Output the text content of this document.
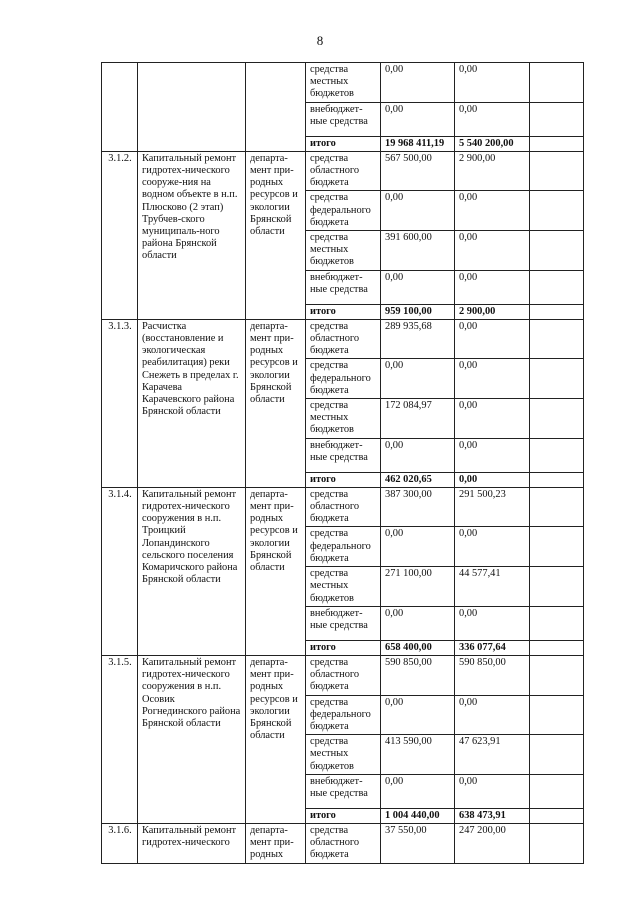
8
			средства местных бюджетов	0,00	0,00	
			внебюджет-ные средства	0,00	0,00	
			итого	19 968 411,19	5 540 200,00	
3.1.2.	Капитальный ремонт гидротех-нического сооруже-ния на водном объекте в н.п. Плюсково (2 этап) Трубчев-ского муниципаль-ного района Брянской области	департа-мент при-родных ресурсов и экологии Брянской области	средства областного бюджета	567 500,00	2 900,00	
			средства федерального бюджета	0,00	0,00	
			средства местных бюджетов	391 600,00	0,00	
			внебюджет-ные средства	0,00	0,00	
			итого	959 100,00	2 900,00	
3.1.3.	Расчистка (восстановление и экологическая реабилитация) реки Снежеть в пределах г. Карачева Карачевского района Брянской области	департа-мент при-родных ресурсов и экологии Брянской области	средства областного бюджета	289 935,68	0,00	
			средства федерального бюджета	0,00	0,00	
			средства местных бюджетов	172 084,97	0,00	
			внебюджет-ные средства	0,00	0,00	
			итого	462 020,65	0,00	
3.1.4.	Капитальный ремонт гидротех-нического сооружения в н.п. Троицкий Лопандинского сельского поселения Комаричского района Брянской области	департа-мент при-родных ресурсов и экологии Брянской области	средства областного бюджета	387 300,00	291 500,23	
			средства федерального бюджета	0,00	0,00	
			средства местных бюджетов	271 100,00	44 577,41	
			внебюджет-ные средства	0,00	0,00	
			итого	658 400,00	336 077,64	
3.1.5.	Капитальный ремонт гидротех-нического сооружения в н.п. Осовик Рогнединского района Брянской области	департа-мент при-родных ресурсов и экологии Брянской области	средства областного бюджета	590 850,00	590 850,00	
			средства федерального бюджета	0,00	0,00	
			средства местных бюджетов	413 590,00	47 623,91	
			внебюджет-ные средства	0,00	0,00	
			итого	1 004 440,00	638 473,91	
3.1.6.	Капитальный ремонт гидротех-нического	департа-мент при-родных	средства областного бюджета	37 550,00	247 200,00	
